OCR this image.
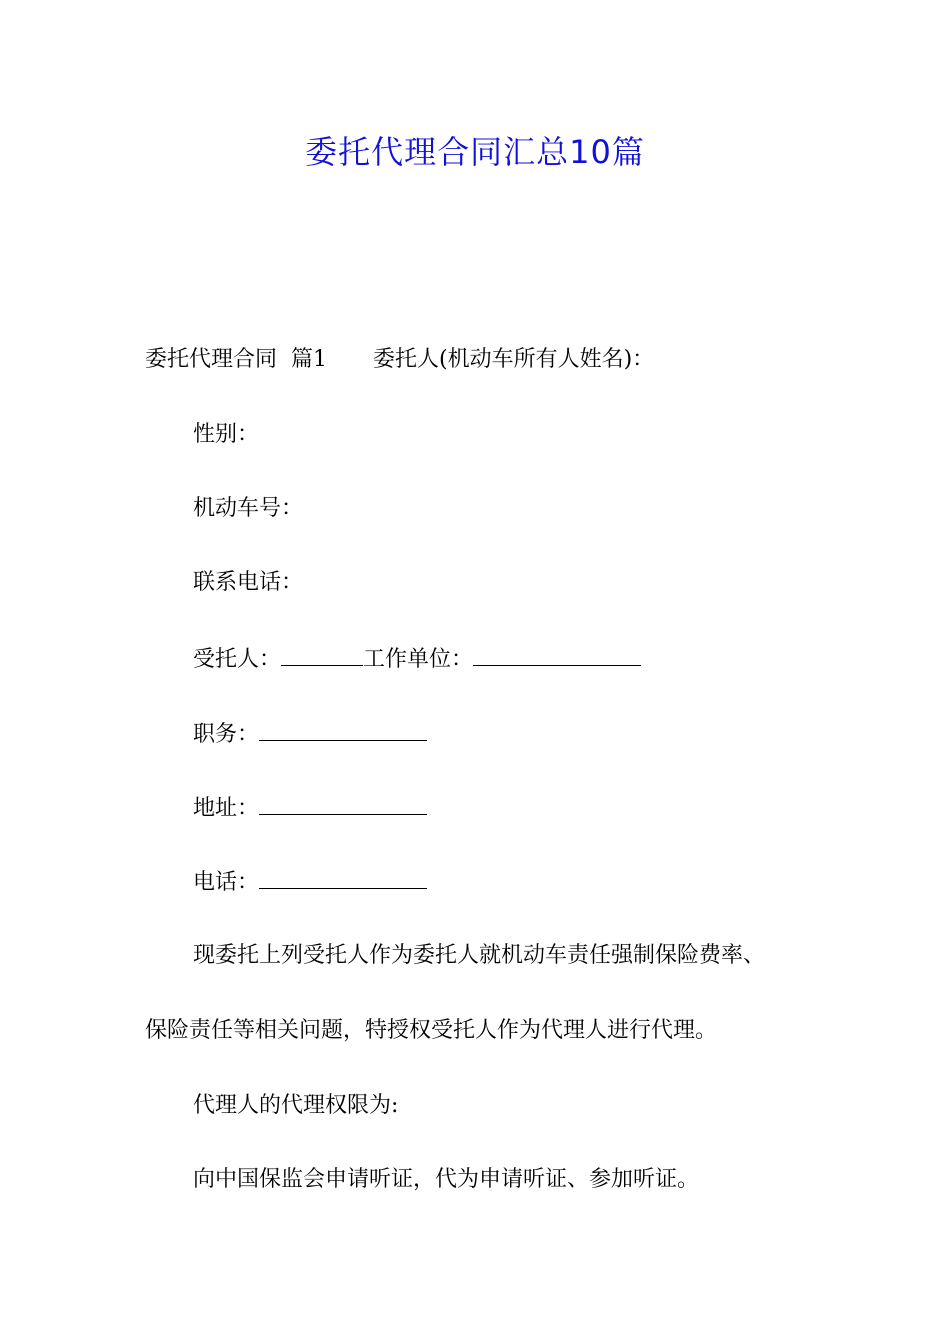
委托代理合同汇总10篇
委托代理合同 篇1 委托人(机动车所有人姓名)：
性别：
机动车号：
联系电话：
受托人：	工作单位：
职务：
地址：
电话：
现委托上列受托人作为委托人就机动车责任强制保险费率、
保险责任等相关问题，特授权受托人作为代理人进行代理。
代理人的代理权限为:
向中国保监会申请听证，代为申请听证、参加听证。
